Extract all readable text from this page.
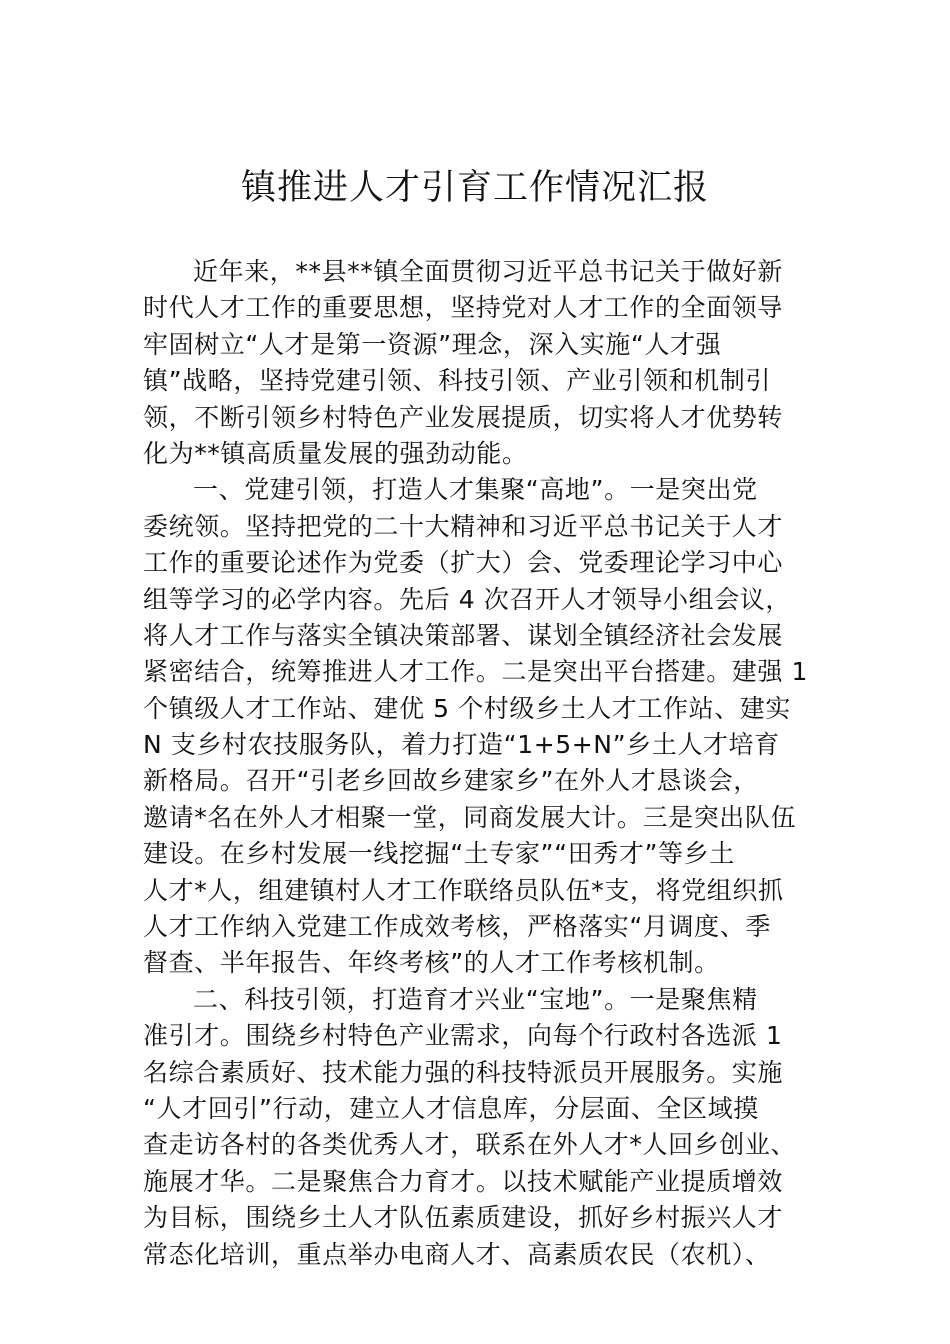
镇推进人才引育工作情况汇报
近年来，**县**镇全面贯彻习近平总书记关于做好新
时代人才工作的重要思想，坚持党对人才工作的全面领导
牢固树立“人才是第一资源”理念，深入实施“人才强
镇”战略，坚持党建引领、科技引领、产业引领和机制引
领，不断引领乡村特色产业发展提质，切实将人才优势转
化为**镇高质量发展的强劲动能。
一、党建引领，打造人才集聚“高地”。一是突出党
委统领。坚持把党的二十大精神和习近平总书记关于人才
工作的重要论述作为党委（扩大）会、党委理论学习中心
组等学习的必学内容。先后 4 次召开人才领导小组会议，
将人才工作与落实全镇决策部署、谋划全镇经济社会发展
紧密结合，统筹推进人才工作。二是突出平台搭建。建强 1
个镇级人才工作站、建优 5 个村级乡土人才工作站、建实
N 支乡村农技服务队，着力打造“1+5+N”乡土人才培育
新格局。召开“引老乡回故乡建家乡”在外人才恳谈会，
邀请*名在外人才相聚一堂，同商发展大计。三是突出队伍
建设。在乡村发展一线挖掘“土专家”“田秀才”等乡土
人才*人，组建镇村人才工作联络员队伍*支，将党组织抓
人才工作纳入党建工作成效考核，严格落实“月调度、季
督查、半年报告、年终考核”的人才工作考核机制。
二、科技引领，打造育才兴业“宝地”。一是聚焦精
准引才。围绕乡村特色产业需求，向每个行政村各选派 1
名综合素质好、技术能力强的科技特派员开展服务。实施
“人才回引”行动，建立人才信息库，分层面、全区域摸
查走访各村的各类优秀人才，联系在外人才*人回乡创业、
施展才华。二是聚焦合力育才。以技术赋能产业提质增效
为目标，围绕乡土人才队伍素质建设，抓好乡村振兴人才
常态化培训，重点举办电商人才、高素质农民（农机）、
